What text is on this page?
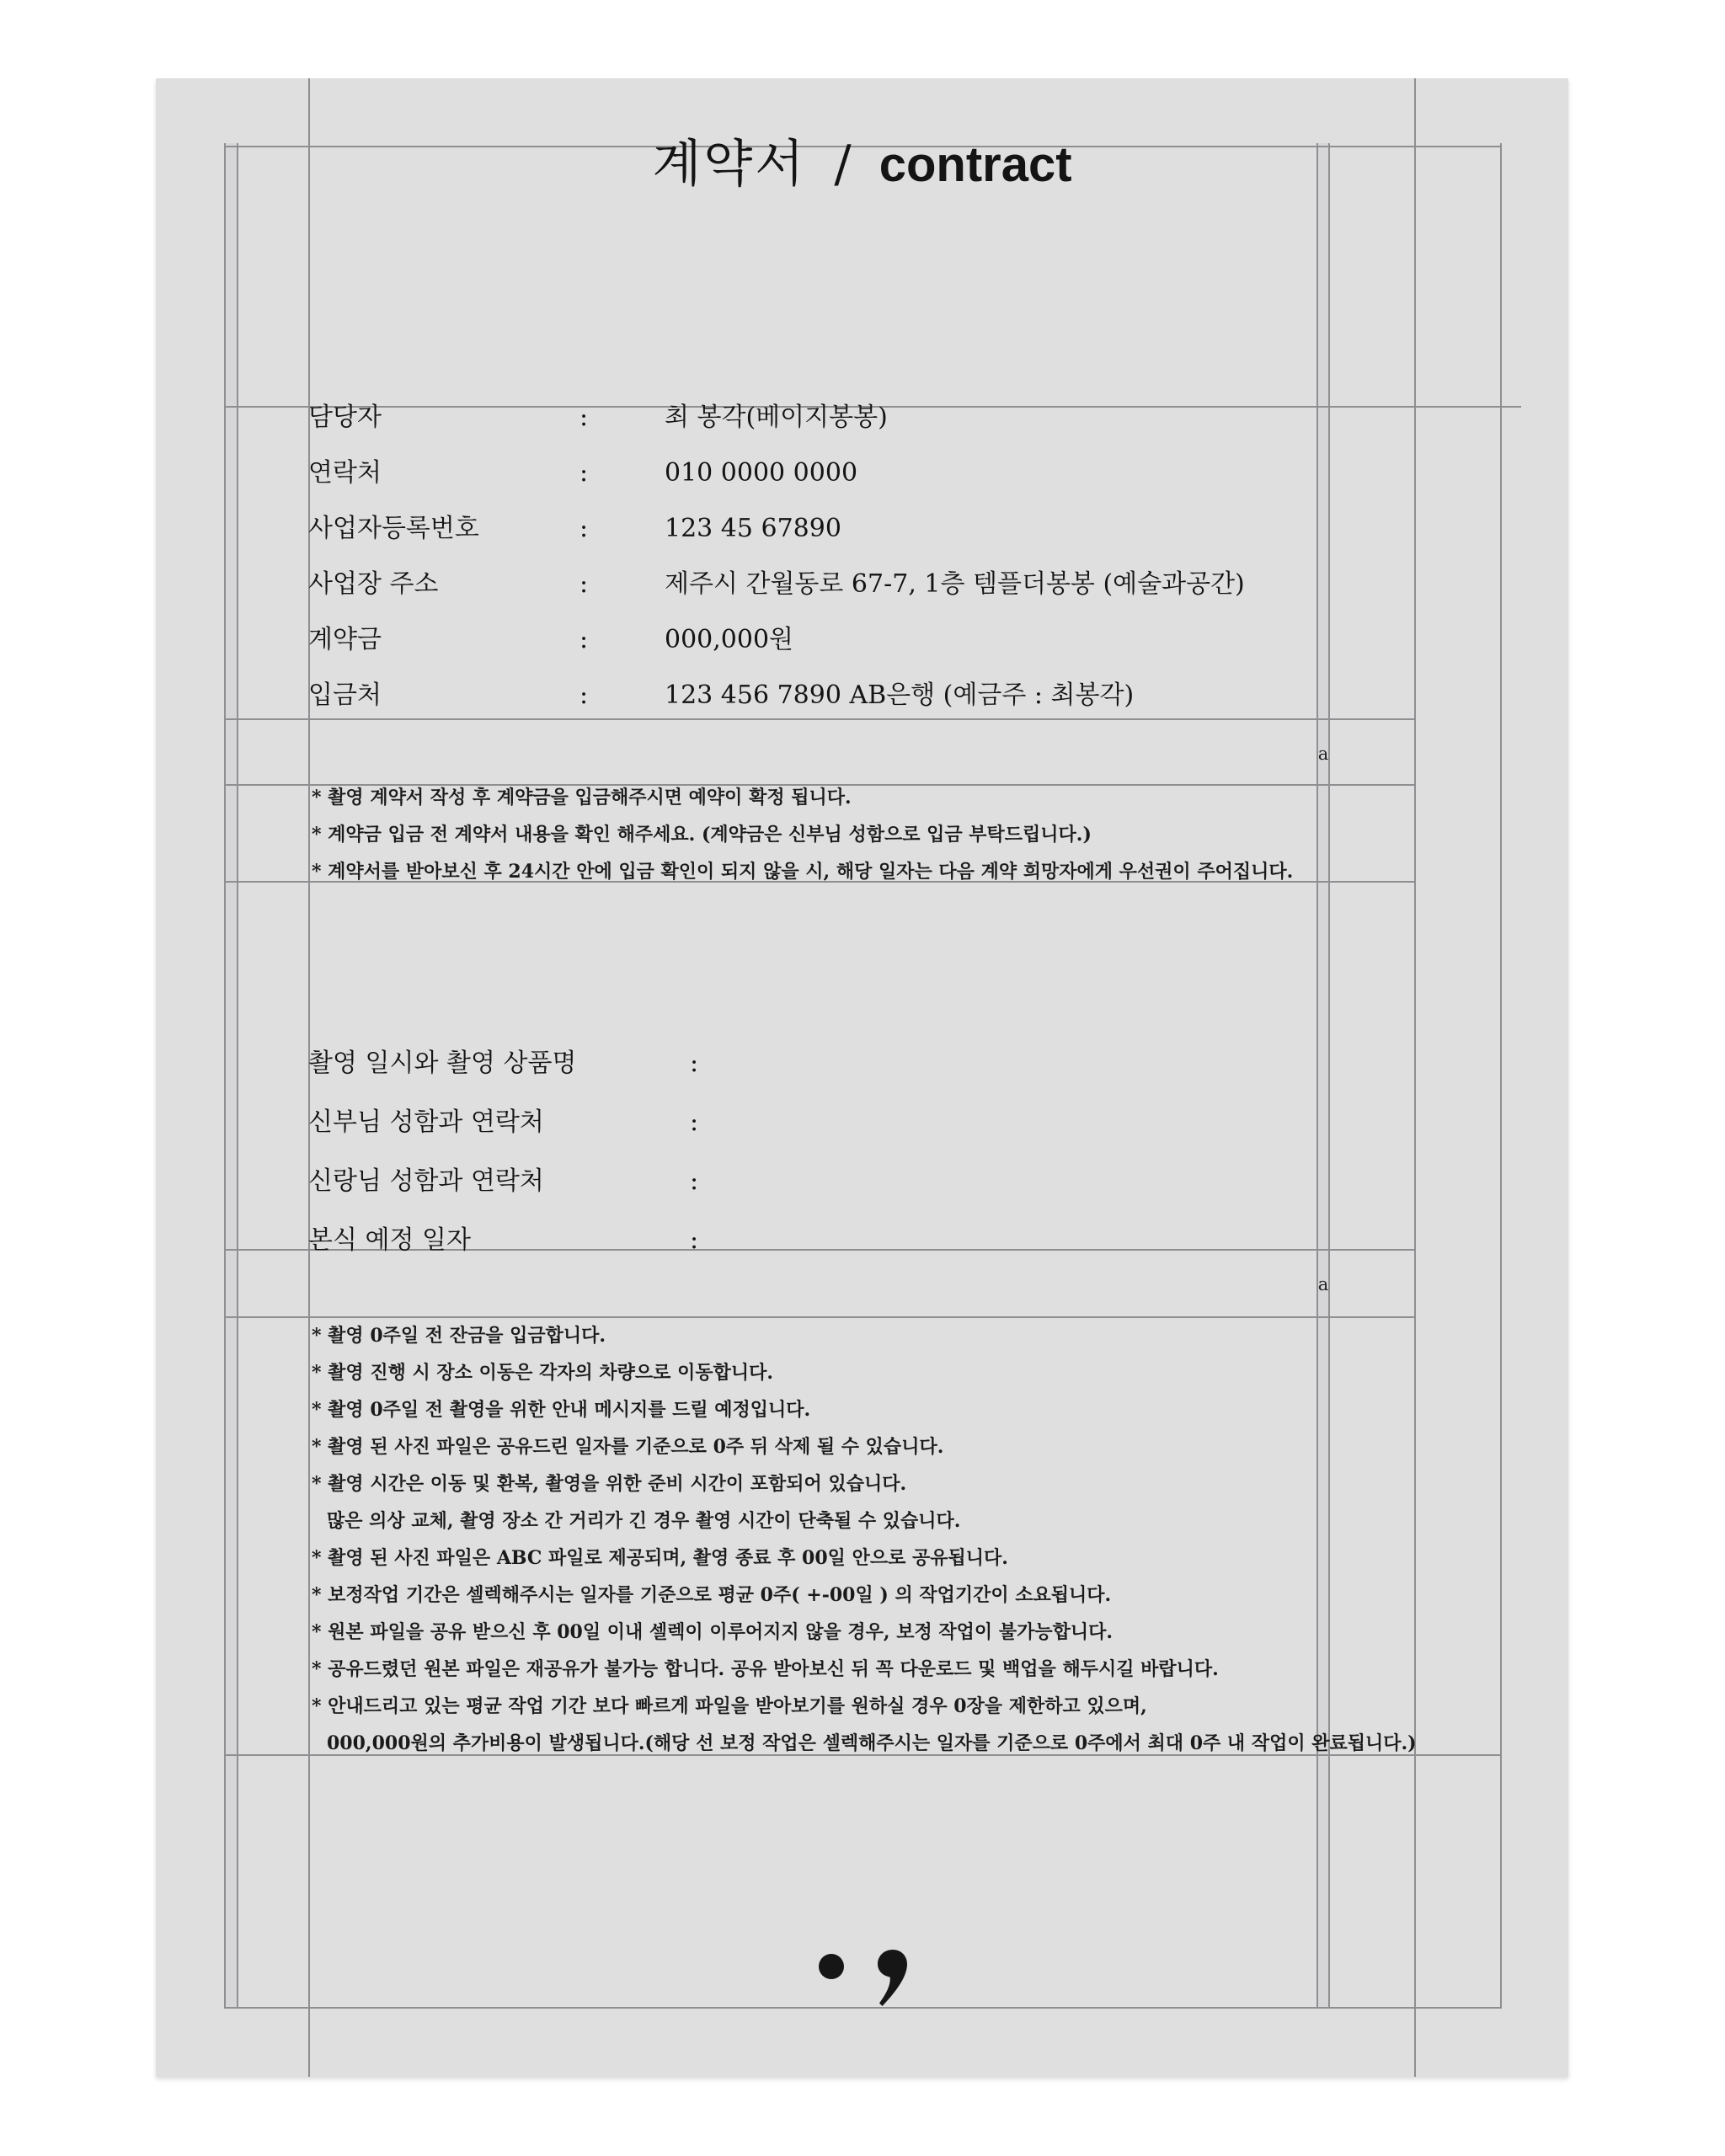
계약서 / contract
담당자	:	최 봉각(베이지봉봉)
연락처	:	010 0000 0000
사업자등록번호	:	123 45 67890
사업장 주소	:	제주시 간월동로 67-7, 1층 템플더봉봉 (예술과공간)
계약금	:	000,000원
입금처	:	123 456 7890 AB은행 (예금주 : 최봉각)
a
* 촬영 계약서 작성 후 계약금을 입금해주시면 예약이 확정 됩니다.
* 계약금 입금 전 계약서 내용을 확인 해주세요. (계약금은 신부님 성함으로 입금 부탁드립니다.)
* 계약서를 받아보신 후 24시간 안에 입금 확인이 되지 않을 시, 해당 일자는 다음 계약 희망자에게 우선권이 주어집니다.
촬영 일시와 촬영 상품명	:
신부님 성함과 연락처	:
신랑님 성함과 연락처	:
본식 예정 일자	:
a
* 촬영 0주일 전 잔금을 입금합니다.
* 촬영 진행 시 장소 이동은 각자의 차량으로 이동합니다.
* 촬영 0주일 전 촬영을 위한 안내 메시지를 드릴 예정입니다.
* 촬영 된 사진 파일은 공유드린 일자를 기준으로 0주 뒤 삭제 될 수 있습니다.
* 촬영 시간은 이동 및 환복, 촬영을 위한 준비 시간이 포함되어 있습니다.
많은 의상 교체, 촬영 장소 간 거리가 긴 경우 촬영 시간이 단축될 수 있습니다.
* 촬영 된 사진 파일은 ABC 파일로 제공되며, 촬영 종료 후 00일 안으로 공유됩니다.
* 보정작업 기간은 셀렉해주시는 일자를 기준으로 평균 0주( +-00일 ) 의 작업기간이 소요됩니다.
* 원본 파일을 공유 받으신 후 00일 이내 셀렉이 이루어지지 않을 경우, 보정 작업이 불가능합니다.
* 공유드렸던 원본 파일은 재공유가 불가능 합니다. 공유 받아보신 뒤 꼭 다운로드 및 백업을 해두시길 바랍니다.
* 안내드리고 있는 평균 작업 기간 보다 빠르게 파일을 받아보기를 원하실 경우 0장을 제한하고 있으며,
000,000원의 추가비용이 발생됩니다.(해당 선 보정 작업은 셀렉해주시는 일자를 기준으로 0주에서 최대 0주 내 작업이 완료됩니다.)
